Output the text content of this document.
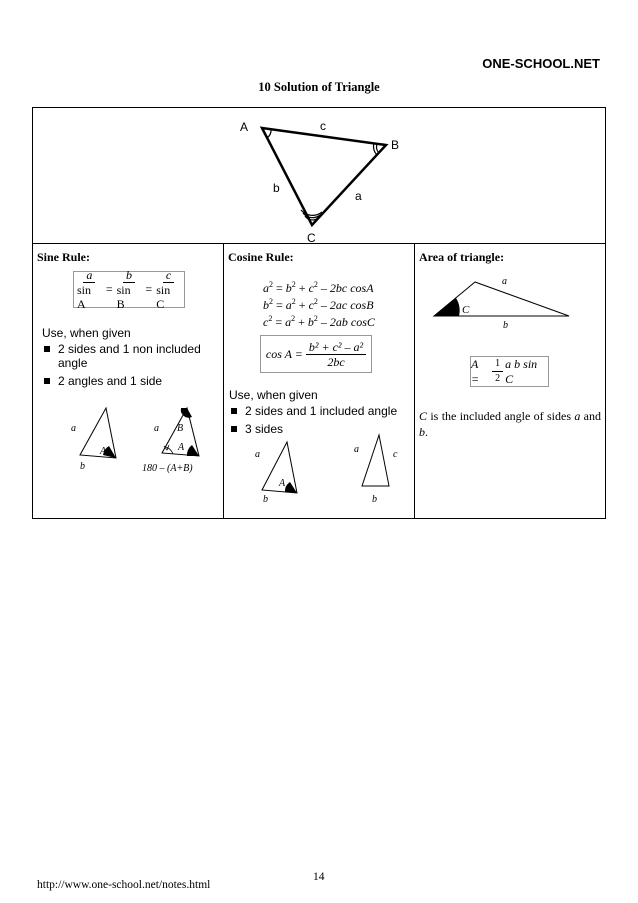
ONE-SCHOOL.NET
10 Solution of Triangle
A
B
C
c
a
b
Sine Rule:
$\frac{a}{\text{sin A}} = \frac{b}{\text{sin B}} = \frac{c}{\text{sin C}}$
Use, when given
2 sides and 1 non included angle
2 angles and 1 side
a
b
A
a B
A
180 – (A+B)
Cosine Rule:
$a^2 = b^2 + c^2 - 2bc$ cosA
$b^2 = a^2 + c^2 - 2ac$ cosB
$c^2 = a^2 + b^2 - 2ab$ cosC
$\cos A = \frac{\text{b² + c² – a²}}{2bc}$
Use, when given
2 sides and 1 included angle
3 sides
a
b
A
a	c
b
Area of triangle:
a
b
C
A =	$\frac{1}{2}$ a b sin C
C is the included angle of sides a and b.
14
http://www.one-school.net/notes.html
